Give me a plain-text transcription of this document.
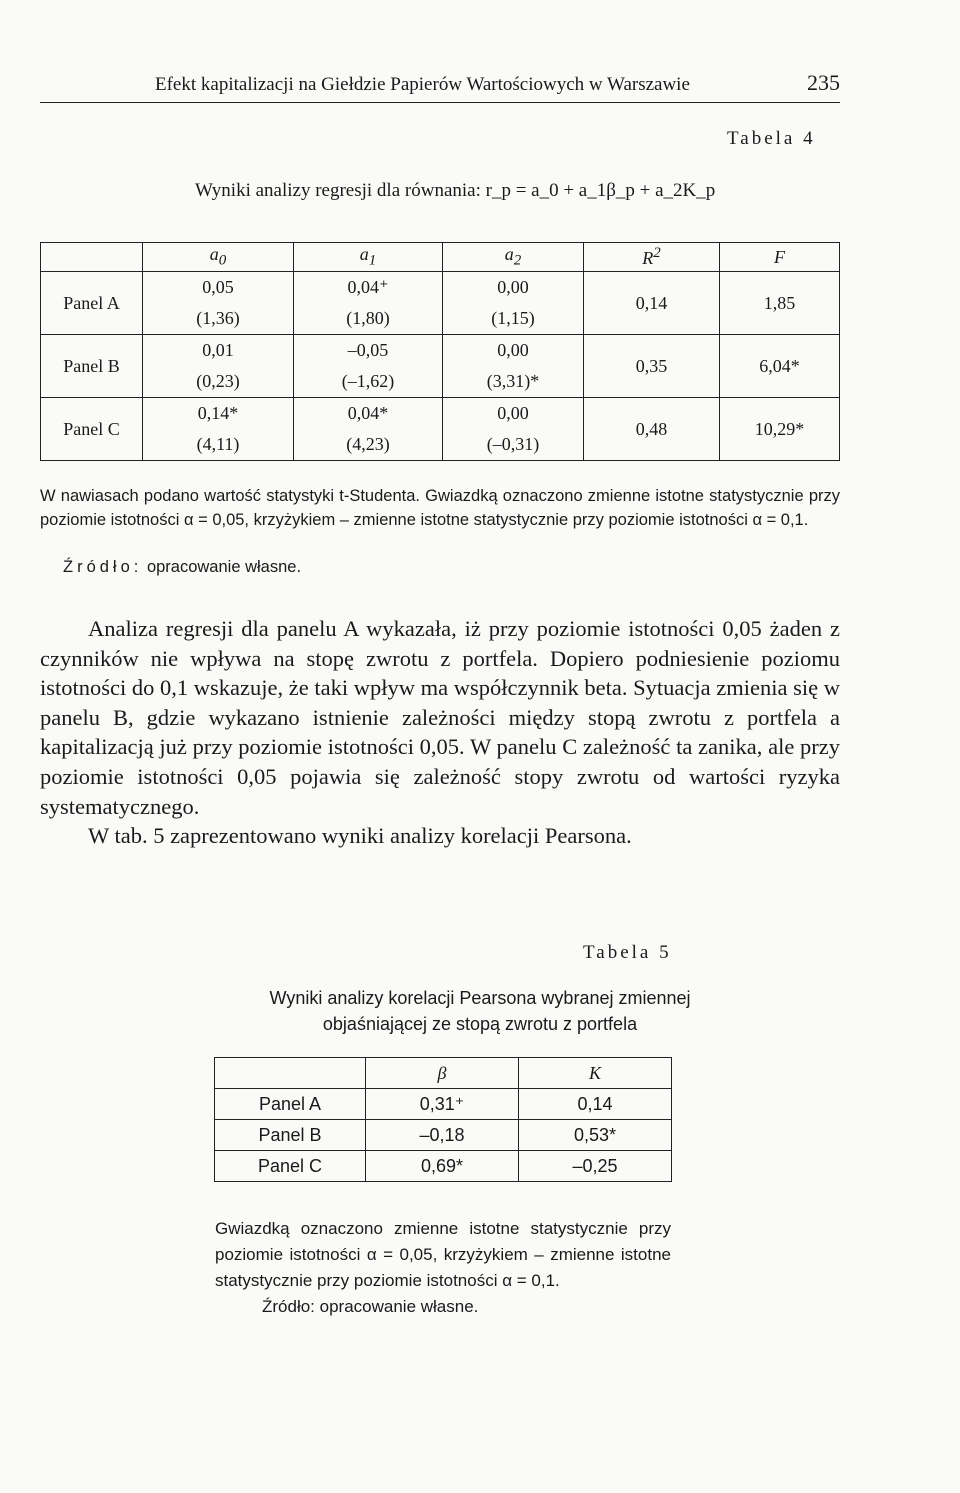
Efekt kapitalizacji na Giełdzie Papierów Wartościowych w Warszawie	235
Tabela 4
Wyniki analizy regresji dla równania: r_p = a_0 + a_1β_p + a_2K_p
	$a_0$	$a_1$	$a_2$	$R^2$	F
Panel A	0,05	0,04⁺	0,00	0,14	1,85
	(1,36)	(1,80)	(1,15)		
Panel B	0,01	–0,05	0,00	0,35	6,04*
	(0,23)	(–1,62)	(3,31)*		
Panel C	0,14*	0,04*	0,00	0,48	10,29*
	(4,11)	(4,23)	(–0,31)		
W nawiasach podano wartość statystyki t-Studenta. Gwiazdką oznaczono zmienne istotne statystycznie przy poziomie istotności α = 0,05, krzyżykiem – zmienne istotne statystycznie przy poziomie istotności α = 0,1.
Źródło: opracowanie własne.

Analiza regresji dla panelu A wykazała, iż przy poziomie istotności 0,05 żaden z czynników nie wpływa na stopę zwrotu z portfela. Dopiero podniesienie poziomu istotności do 0,1 wskazuje, że taki wpływ ma współczynnik beta. Sytuacja zmienia się w panelu B, gdzie wykazano istnienie zależności między stopą zwrotu z portfela a kapitalizacją już przy poziomie istotności 0,05. W panelu C zależność ta zanika, ale przy poziomie istotności 0,05 pojawia się zależność stopy zwrotu od wartości ryzyka systematycznego.

W tab. 5 zaprezentowano wyniki analizy korelacji Pearsona.

Tabela 5
Wyniki analizy korelacji Pearsona wybranej zmiennej
objaśniającej ze stopą zwrotu z portfela
	β	K
Panel A	0,31⁺	0,14
Panel B	–0,18	0,53*
Panel C	0,69*	–0,25
Gwiazdką oznaczono zmienne istotne statystycznie przy poziomie istotności α = 0,05, krzyżykiem – zmienne istotne statystycznie przy poziomie istotności α = 0,1.
Źródło: opracowanie własne.
